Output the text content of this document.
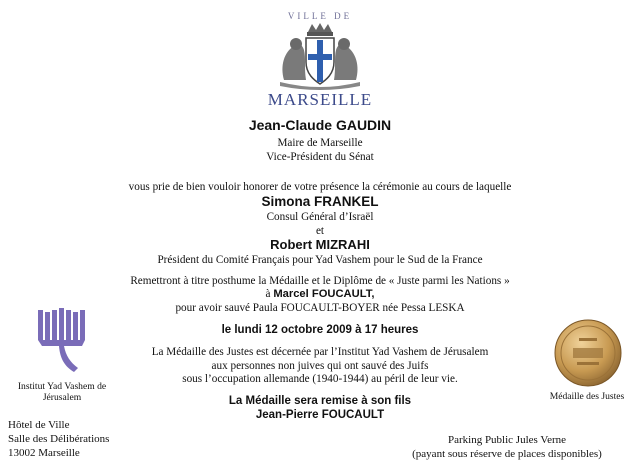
VILLE DE
MARSEILLE
Jean-Claude GAUDIN
Maire de Marseille
Vice-Président du Sénat
vous prie de bien vouloir honorer de votre présence la cérémonie au cours de laquelle
Simona FRANKEL
Consul Général d’Israël
et
Robert MIZRAHI
Président du Comité Français pour Yad Vashem pour le Sud de la France
Remettront à titre posthume la Médaille et le Diplôme de « Juste parmi les Nations »
à Marcel FOUCAULT,
pour avoir sauvé Paula FOUCAULT-BOYER née Pessa LESKA
le lundi 12 octobre 2009 à 17 heures
La Médaille des Justes est décernée par l’Institut Yad Vashem de Jérusalem
aux personnes non juives qui ont sauvé des Juifs
sous l’occupation allemande (1940-1944) au péril de leur vie.
La Médaille sera remise à son fils
Jean-Pierre FOUCAULT
Institut Yad Vashem de
Jérusalem	Médaille des Justes
Hôtel de Ville
Salle des Délibérations
13002 Marseille
Parking Public Jules Verne
(payant sous réserve de places disponibles)
